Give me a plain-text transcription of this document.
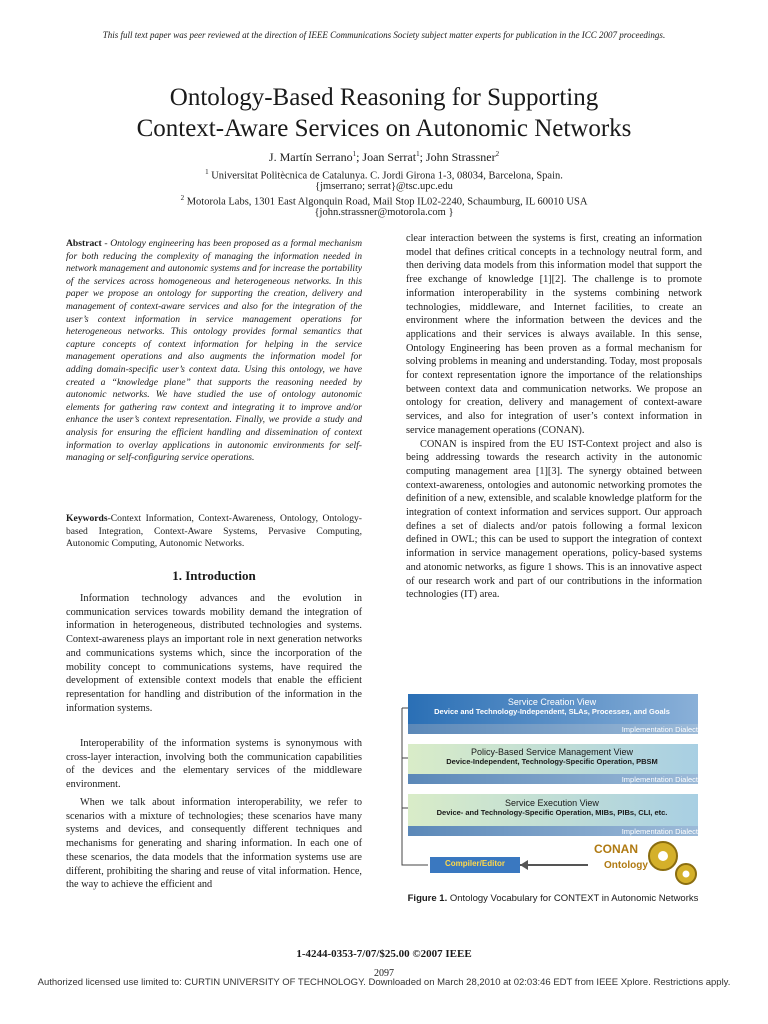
This full text paper was peer reviewed at the direction of IEEE Communications Society subject matter experts for publication in the ICC 2007 proceedings.
Ontology-Based Reasoning for Supporting
Context-Aware Services on Autonomic Networks
J. Martín Serrano$^1$; Joan Serrat$^1$; John Strassner$^2$
$^1$ Universitat Politècnica de Catalunya. C. Jordi Girona 1-3, 08034, Barcelona, Spain.
{jmserrano; serrat}@tsc.upc.edu
$^2$ Motorola Labs, 1301 East Algonquin Road, Mail Stop IL02-2240, Schaumburg, IL 60010 USA
{john.strassner@motorola.com }
Abstract - Ontology engineering has been proposed as a formal mechanism for both reducing the complexity of managing the information needed in network management and autonomic systems and for increase the portability of the services across homogeneous and heterogeneous networks. In this paper we propose an ontology for supporting the creation, delivery and management of context-aware services and also for the integration of the user’s context information in service management operations for heterogeneous networks. This ontology provides formal semantics that capture concepts of context information for helping in the service management operations and also augments the information model for adding domain-specific user’s context data. Using this ontology, we have created a “knowledge plane” that supports the reasoning needed by autonomic networks. We have studied the use of ontology autonomic elements for gathering raw context and integrating it to improve and/or enhance the user’s context representation. Finally, we provide a study and analysis for ensuring the efficient handling and dissemination of context information to overlay applications in autonomic environments for self-managing or self-configuring service operations.
Keywords-Context Information, Context-Awareness, Ontology, Ontology-based Integration, Context-Aware Systems, Pervasive Computing, Autonomic Computing, Autonomic Networks.
1. Introduction
Information technology advances and the evolution in communication services towards mobility demand the integration of information in heterogeneous, distributed technologies and systems. Context-awareness plays an important role in next generation networks and communications systems which, since the incorporation of the mobility concept to communications systems, have required the development of extensible context models that enable the efficient representation for handling and distribution of the information in the information systems.
Interoperability of the information systems is synonymous with cross-layer interaction, involving both the communication capabilities of the devices and the elementary services of the middleware environment.
When we talk about information interoperability, we refer to scenarios with a mixture of technologies; these scenarios have many systems and devices, and consequently different techniques and mechanisms for generating and sharing information. In each one of these scenarios, the data models that the information systems use are different, prohibiting the sharing and reuse of vital information. Hence, the way to achieve the efficient and

clear interaction between the systems is first, creating an information model that defines critical concepts in a technology neutral form, and then deriving data models from this information model that support the free exchange of knowledge [1][2]. The challenge is to promote information interoperability in the systems combining network technologies, middleware, and Internet facilities, to create an environment where the information between the devices and the applications and their services is always available. In this sense, Ontology Engineering has been proven as a formal mechanism for solving problems in meaning and understanding. Today, most proposals for context representation ignore the importance of the relationships between context data and communication networks. We propose an ontology for creation, delivery and management of context-aware services, and also for integration of user’s context information in service management operations (CONAN).

CONAN is inspired from the EU IST-Context project and also is being addressing towards the research activity in the autonomic computing management area [1][3]. The synergy obtained between context-awareness, ontologies and autonomic networking promotes the definition of a new, extensible, and scalable knowledge platform for the integration of context information and services support. Our approach defines a set of dialects and/or patois following a formal lexicon defined in OWL; this can be used to support the integration of context information in service management operations, policy-based systems and atonomic networks, as figure 1 shows. This is an innovative aspect of our research work and part of our contributions in the information technologies (IT) area.

Service Creation View
Device and Technology-Independent, SLAs, Processes, and Goals
Implementation Dialect
Policy-Based Service Management View
Device-Independent, Technology-Specific Operation, PBSM
Implementation Dialect
Service Execution View
Device- and Technology-Specific Operation, MIBs, PIBs, CLI, etc.
Implementation Dialect
Compiler/Editor
CONAN
Ontology
Figure 1. Ontology Vocabulary for CONTEXT in Autonomic Networks
1-4244-0353-7/07/$25.00 ©2007 IEEE
2097
Authorized licensed use limited to: CURTIN UNIVERSITY OF TECHNOLOGY. Downloaded on March 28,2010 at 02:03:46 EDT from IEEE Xplore. Restrictions apply.
